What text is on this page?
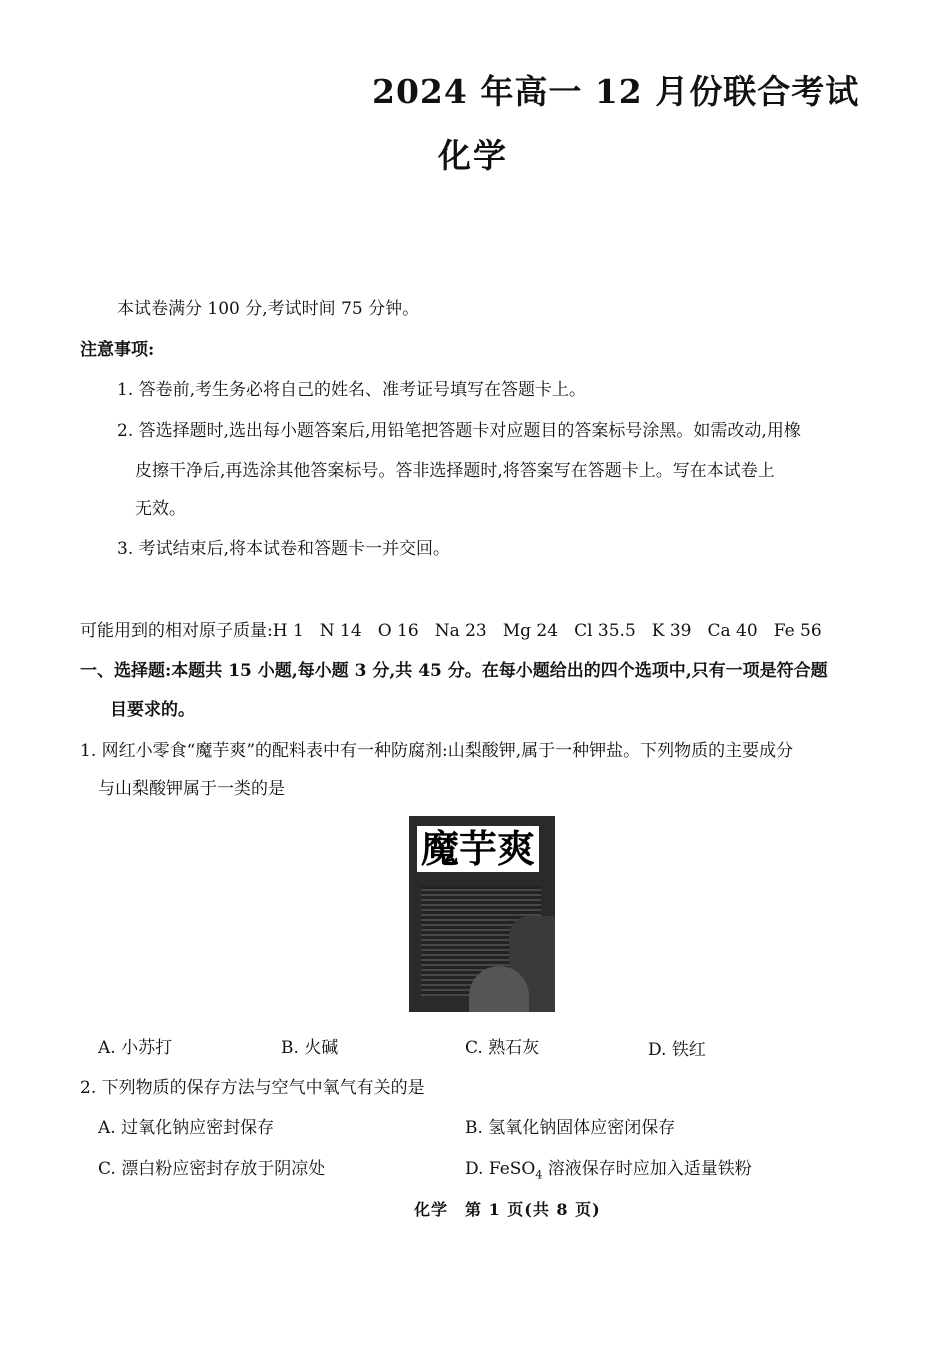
2024 年高一 12 月份联合考试
化学
本试卷满分 100 分,考试时间 75 分钟。
注意事项:
1. 答卷前,考生务必将自己的姓名、准考证号填写在答题卡上。
2. 答选择题时,选出每小题答案后,用铅笔把答题卡对应题目的答案标号涂黑。如需改动,用橡
皮擦干净后,再选涂其他答案标号。答非选择题时,将答案写在答题卡上。写在本试卷上
无效。
3. 考试结束后,将本试卷和答题卡一并交回。
可能用到的相对原子质量:H 1 N 14 O 16 Na 23 Mg 24 Cl 35.5 K 39 Ca 40 Fe 56
一、选择题:本题共 15 小题,每小题 3 分,共 45 分。在每小题给出的四个选项中,只有一项是符合题
目要求的。
1. 网红小零食“魔芋爽”的配料表中有一种防腐剂:山梨酸钾,属于一种钾盐。下列物质的主要成分
与山梨酸钾属于一类的是
魔芋爽
A. 小苏打	B. 火碱	C. 熟石灰	D. 铁红
2. 下列物质的保存方法与空气中氧气有关的是
A. 过氧化钠应密封保存	B. 氢氧化钠固体应密闭保存
C. 漂白粉应密封存放于阴凉处	D. FeSO$_4$ 溶液保存时应加入适量铁粉
化学　第 1 页(共 8 页)
